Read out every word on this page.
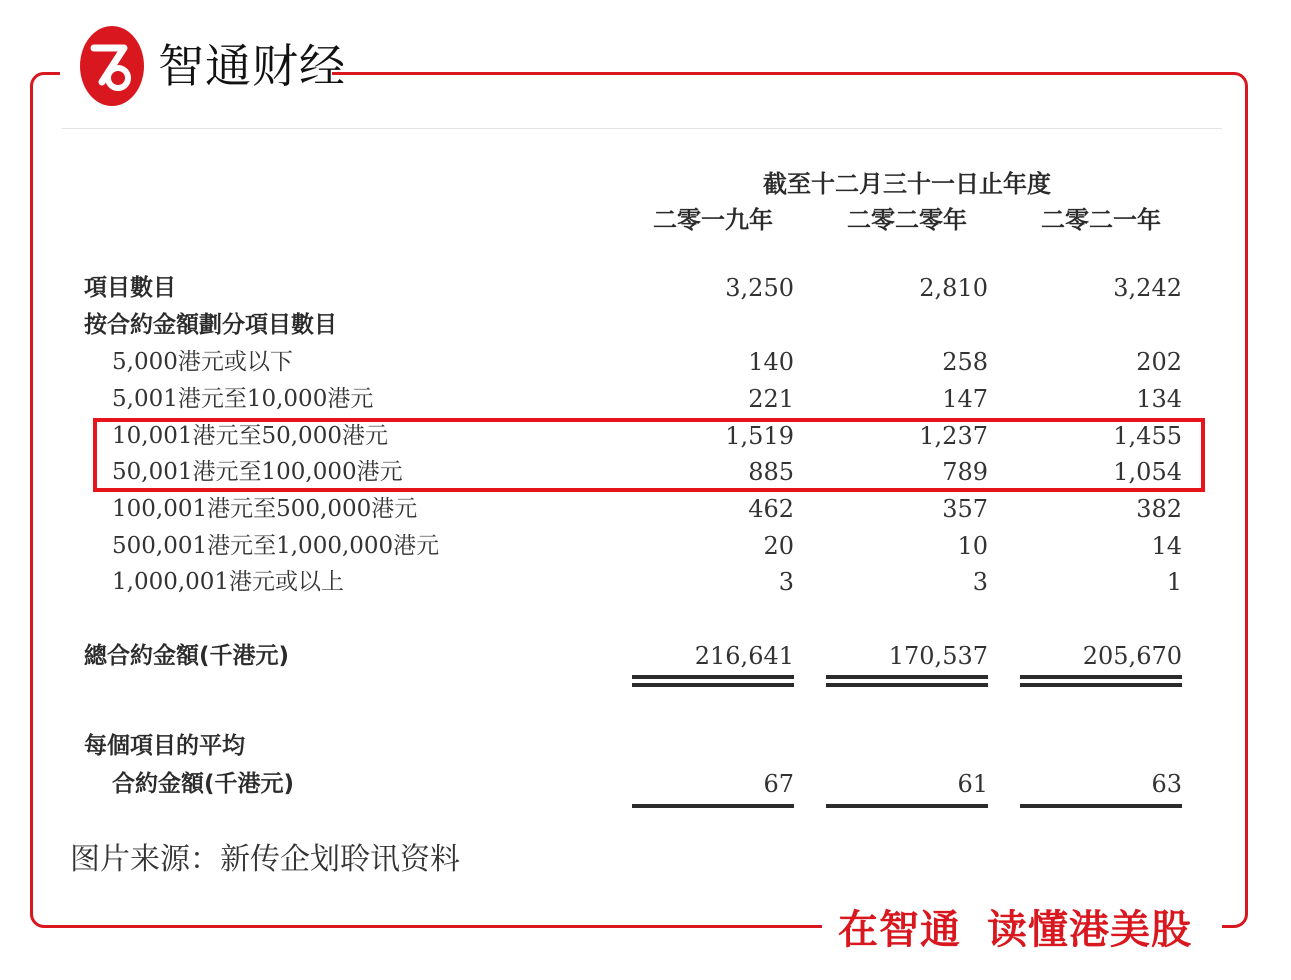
智通财经
截至十二月三十一日止年度
二零一九年	二零二零年	二零二一年
項目數目	3,250	2,810	3,242
按合約金額劃分項目數目
5,000港元或以下	140	258	202
5,001港元至10,000港元	221	147	134
10,001港元至50,000港元	1,519	1,237	1,455
50,001港元至100,000港元	885	789	1,054
100,001港元至500,000港元	462	357	382
500,001港元至1,000,000港元	20	10	14
1,000,001港元或以上	3	3	1
總合約金額(千港元)	216,641	170,537	205,670
每個項目的平均
合約金額(千港元)	67	61	63
图片来源：新传企划聆讯资料
在智通 读懂港美股
